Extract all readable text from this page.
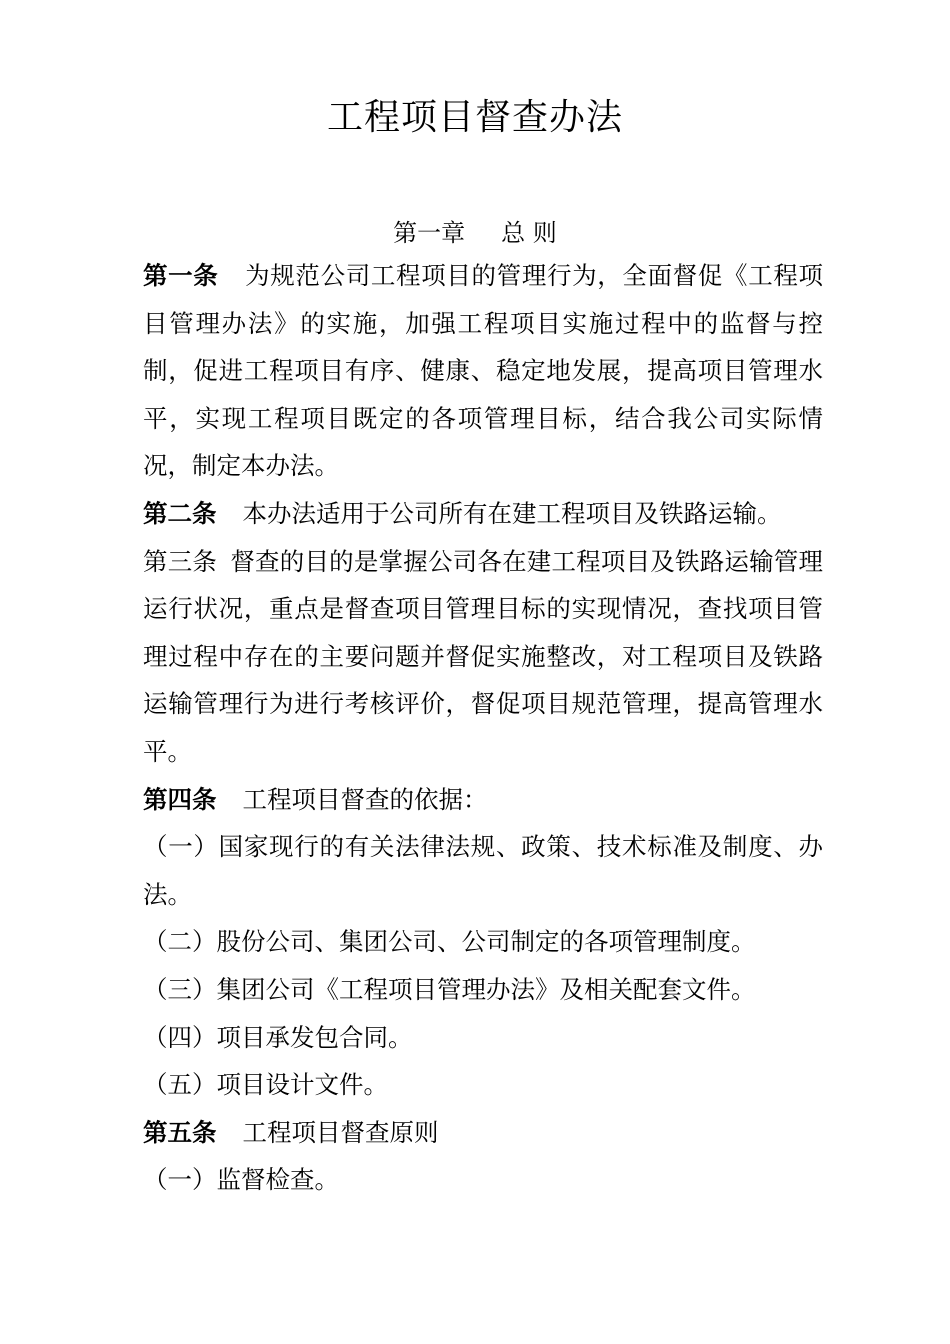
工程项目督查办法
第一章 总 则

第一条 为规范公司工程项目的管理行为，全面督促《工程项目管理办法》的实施，加强工程项目实施过程中的监督与控制，促进工程项目有序、健康、稳定地发展，提高项目管理水平，实现工程项目既定的各项管理目标，结合我公司实际情况，制定本办法。

第二条 本办法适用于公司所有在建工程项目及铁路运输。

第三条 督查的目的是掌握公司各在建工程项目及铁路运输管理运行状况，重点是督查项目管理目标的实现情况，查找项目管理过程中存在的主要问题并督促实施整改，对工程项目及铁路运输管理行为进行考核评价，督促项目规范管理，提高管理水平。

第四条 工程项目督查的依据：

（一）国家现行的有关法律法规、政策、技术标准及制度、办法。

（二）股份公司、集团公司、公司制定的各项管理制度。

（三）集团公司《工程项目管理办法》及相关配套文件。

（四）项目承发包合同。

（五）项目设计文件。

第五条 工程项目督查原则

（一）监督检查。
